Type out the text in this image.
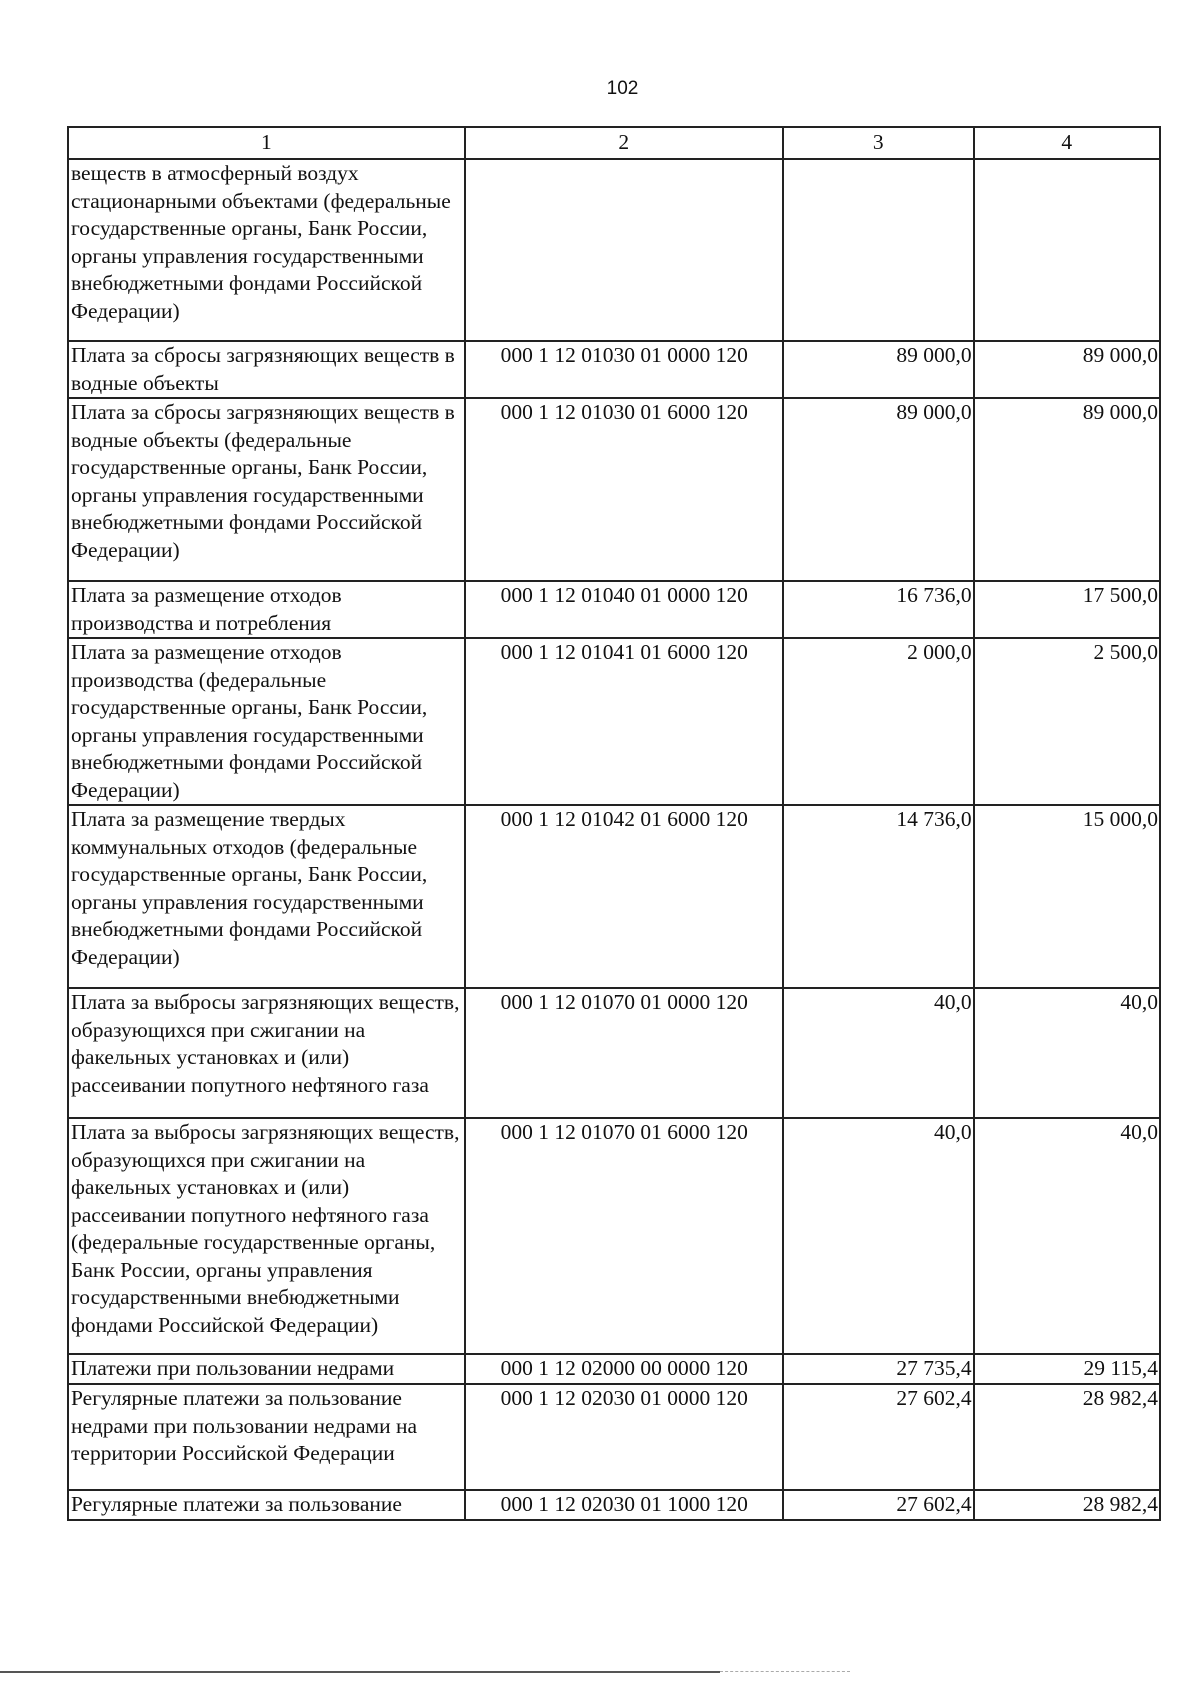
102
1	2	3	4
веществ в атмосферный воздух стационарными объектами (федеральные государственные органы, Банк России, органы управления государственными внебюджетными фондами Российской Федерации)			
Плата за сбросы загрязняющих веществ в водные объекты	000 1 12 01030 01 0000 120	89 000,0	89 000,0
Плата за сбросы загрязняющих веществ в водные объекты (федеральные государственные органы, Банк России, органы управления государственными внебюджетными фондами Российской Федерации)	000 1 12 01030 01 6000 120	89 000,0	89 000,0
Плата за размещение отходов производства и потребления	000 1 12 01040 01 0000 120	16 736,0	17 500,0
Плата за размещение отходов производства (федеральные государственные органы, Банк России, органы управления государственными внебюджетными фондами Российской Федерации)	000 1 12 01041 01 6000 120	2 000,0	2 500,0
Плата за размещение твердых коммунальных отходов (федеральные государственные органы, Банк России, органы управления государственными внебюджетными фондами Российской Федерации)	000 1 12 01042 01 6000 120	14 736,0	15 000,0
Плата за выбросы загрязняющих веществ, образующихся при сжигании на факельных установках и (или) рассеивании попутного нефтяного газа	000 1 12 01070 01 0000 120	40,0	40,0
Плата за выбросы загрязняющих веществ, образующихся при сжигании на факельных установках и (или) рассеивании попутного нефтяного газа (федеральные государственные органы, Банк России, органы управления государственными внебюджетными фондами Российской Федерации)	000 1 12 01070 01 6000 120	40,0	40,0
Платежи при пользовании недрами	000 1 12 02000 00 0000 120	27 735,4	29 115,4
Регулярные платежи за пользование недрами при пользовании недрами на территории Российской Федерации	000 1 12 02030 01 0000 120	27 602,4	28 982,4
Регулярные платежи за пользование	000 1 12 02030 01 1000 120	27 602,4	28 982,4
